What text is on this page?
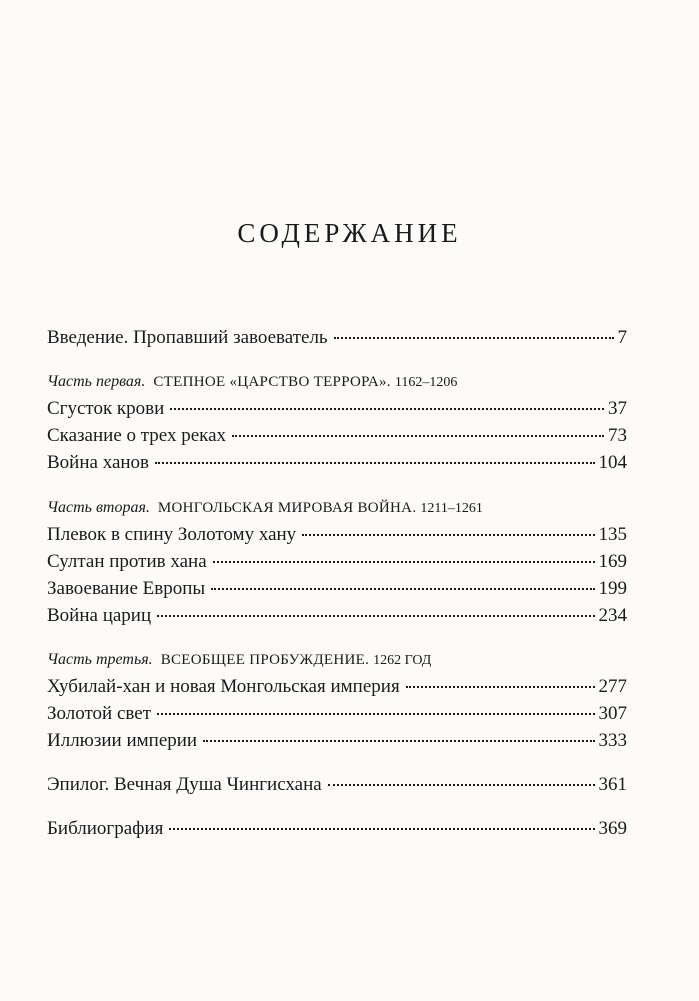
СОДЕРЖАНИЕ
Введение. Пропавший завоеватель	7
Часть первая. СТЕПНОЕ «ЦАРСТВО ТЕРРОРА». 1162–1206
Сгусток крови	37
Сказание о трех реках	73
Война ханов	104
Часть вторая. МОНГОЛЬСКАЯ МИРОВАЯ ВОЙНА. 1211–1261
Плевок в спину Золотому хану	135
Султан против хана	169
Завоевание Европы	199
Война цариц	234
Часть третья. ВСЕОБЩЕЕ ПРОБУЖДЕНИЕ. 1262 ГОД
Хубилай-хан и новая Монгольская империя	277
Золотой свет	307
Иллюзии империи	333
Эпилог. Вечная Душа Чингисхана	361
Библиография	369
